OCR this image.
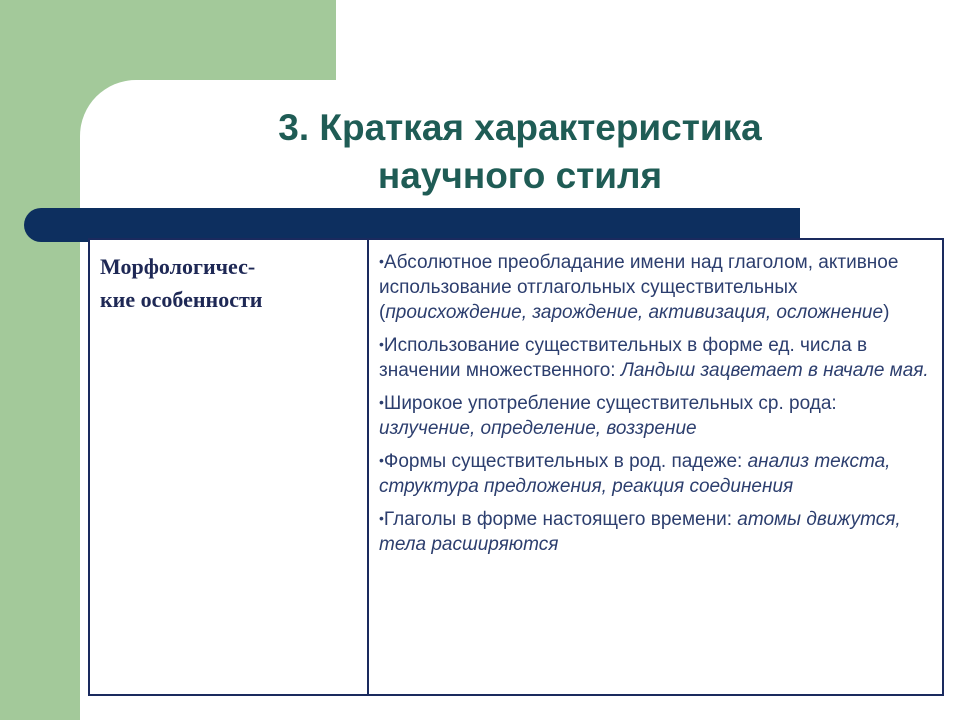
3. Краткая характеристика
научного стиля
Морфологичес-
кие особенности
•Абсолютное преобладание имени над глаголом, активное использование отглагольных существительных (происхождение, зарождение, активизация, осложнение)
•Использование существительных в форме ед. числа в значении множественного: Ландыш зацветает в начале мая.
•Широкое употребление существительных ср. рода: излучение, определение, воззрение
•Формы существительных в род. падеже: анализ текста, структура предложения, реакция соединения
•Глаголы в форме настоящего времени: атомы движутся, тела расширяются
